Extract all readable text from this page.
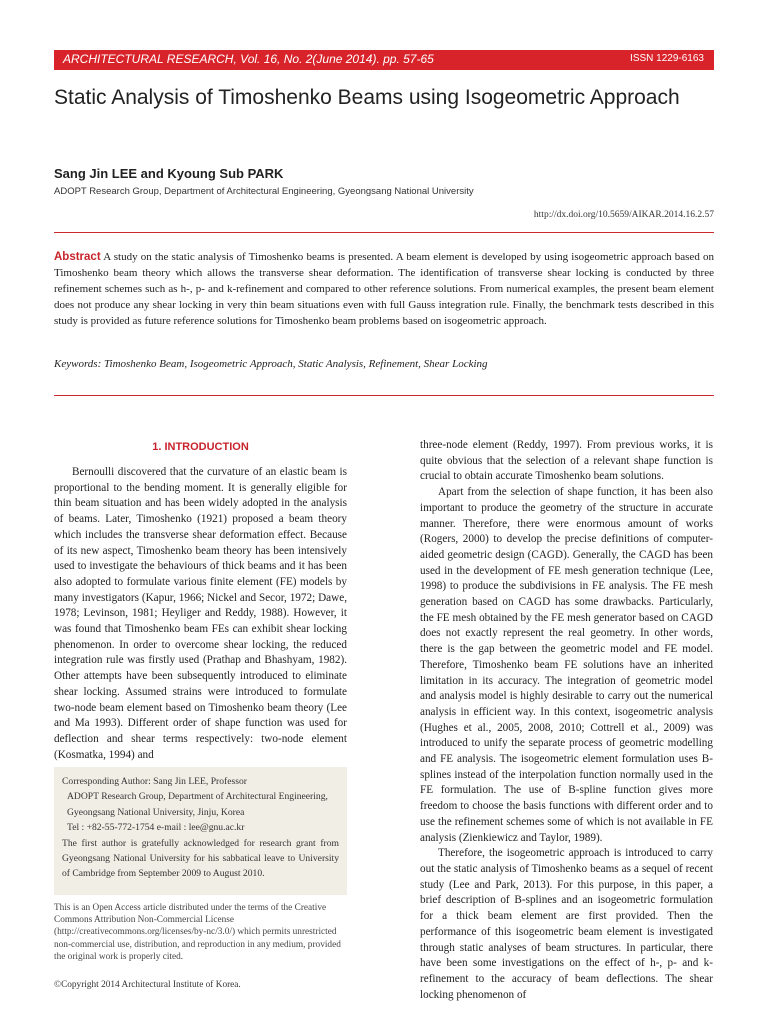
ARCHITECTURAL RESEARCH, Vol. 16, No. 2(June 2014). pp. 57-65	ISSN 1229-6163
Static Analysis of Timoshenko Beams using Isogeometric Approach
Sang Jin LEE and Kyoung Sub PARK
ADOPT Research Group, Department of Architectural Engineering, Gyeongsang National University
http://dx.doi.org/10.5659/AIKAR.2014.16.2.57

Abstract A study on the static analysis of Timoshenko beams is presented. A beam element is developed by using isogeometric approach based on Timoshenko beam theory which allows the transverse shear deformation. The identification of transverse shear locking is conducted by three refinement schemes such as h-, p- and k-refinement and compared to other reference solutions. From numerical examples, the present beam element does not produce any shear locking in very thin beam situations even with full Gauss integration rule. Finally, the benchmark tests described in this study is provided as future reference solutions for Timoshenko beam problems based on isogeometric approach.

Keywords: Timoshenko Beam, Isogeometric Approach, Static Analysis, Refinement, Shear Locking

1. INTRODUCTION

Bernoulli discovered that the curvature of an elastic beam is proportional to the bending moment. It is generally eligible for thin beam situation and has been widely adopted in the analysis of beams. Later, Timoshenko (1921) proposed a beam theory which includes the transverse shear deformation effect. Because of its new aspect, Timoshenko beam theory has been intensively used to investigate the behaviours of thick beams and it has been also adopted to formulate various finite element (FE) models by many investigators (Kapur, 1966; Nickel and Secor, 1972; Dawe, 1978; Levinson, 1981; Heyliger and Reddy, 1988). However, it was found that Timoshenko beam FEs can exhibit shear locking phenomenon. In order to overcome shear locking, the reduced integration rule was firstly used (Prathap and Bhashyam, 1982). Other attempts have been subsequently introduced to eliminate shear locking. Assumed strains were introduced to formulate two-node beam element based on Timoshenko beam theory (Lee and Ma 1993). Different order of shape function was used for deflection and shear terms respectively: two-node element (Kosmatka, 1994) and

three-node element (Reddy, 1997). From previous works, it is quite obvious that the selection of a relevant shape function is crucial to obtain accurate Timoshenko beam solutions.

Apart from the selection of shape function, it has been also important to produce the geometry of the structure in accurate manner. Therefore, there were enormous amount of works (Rogers, 2000) to develop the precise definitions of computer-aided geometric design (CAGD). Generally, the CAGD has been used in the development of FE mesh generation technique (Lee, 1998) to produce the subdivisions in FE analysis. The FE mesh generation based on CAGD has some drawbacks. Particularly, the FE mesh obtained by the FE mesh generator based on CAGD does not exactly represent the real geometry. In other words, there is the gap between the geometric model and FE model. Therefore, Timoshenko beam FE solutions have an inherited limitation in its accuracy. The integration of geometric model and analysis model is highly desirable to carry out the numerical analysis in efficient way. In this context, isogeometric analysis (Hughes et al., 2005, 2008, 2010; Cottrell et al., 2009) was introduced to unify the separate process of geometric modelling and FE analysis. The isogeometric element formulation uses B-splines instead of the interpolation function normally used in the FE formulation. The use of B-spline function gives more freedom to choose the basis functions with different order and to use the refinement schemes some of which is not available in FE analysis (Zienkiewicz and Taylor, 1989).

Therefore, the isogeometric approach is introduced to carry out the static analysis of Timoshenko beams as a sequel of recent study (Lee and Park, 2013). For this purpose, in this paper, a brief description of B-splines and an isogeometric formulation for a thick beam element are first provided. Then the performance of this isogeometric beam element is investigated through static analyses of beam structures. In particular, there have been some investigations on the effect of h-, p- and k-refinement to the accuracy of beam deflections. The shear locking phenomenon of

Corresponding Author: Sang Jin LEE, Professor
ADOPT Research Group, Department of Architectural Engineering,
Gyeongsang National University, Jinju, Korea
Tel : +82-55-772-1754 e-mail : lee@gnu.ac.kr
The first author is gratefully acknowledged for research grant from Gyeongsang National University for his sabbatical leave to University of Cambridge from September 2009 to August 2010.

This is an Open Access article distributed under the terms of the Creative Commons Attribution Non-Commercial License (http://creativecommons.org/licenses/by-nc/3.0/) which permits unrestricted non-commercial use, distribution, and reproduction in any medium, provided the original work is properly cited.

©Copyright 2014 Architectural Institute of Korea.
